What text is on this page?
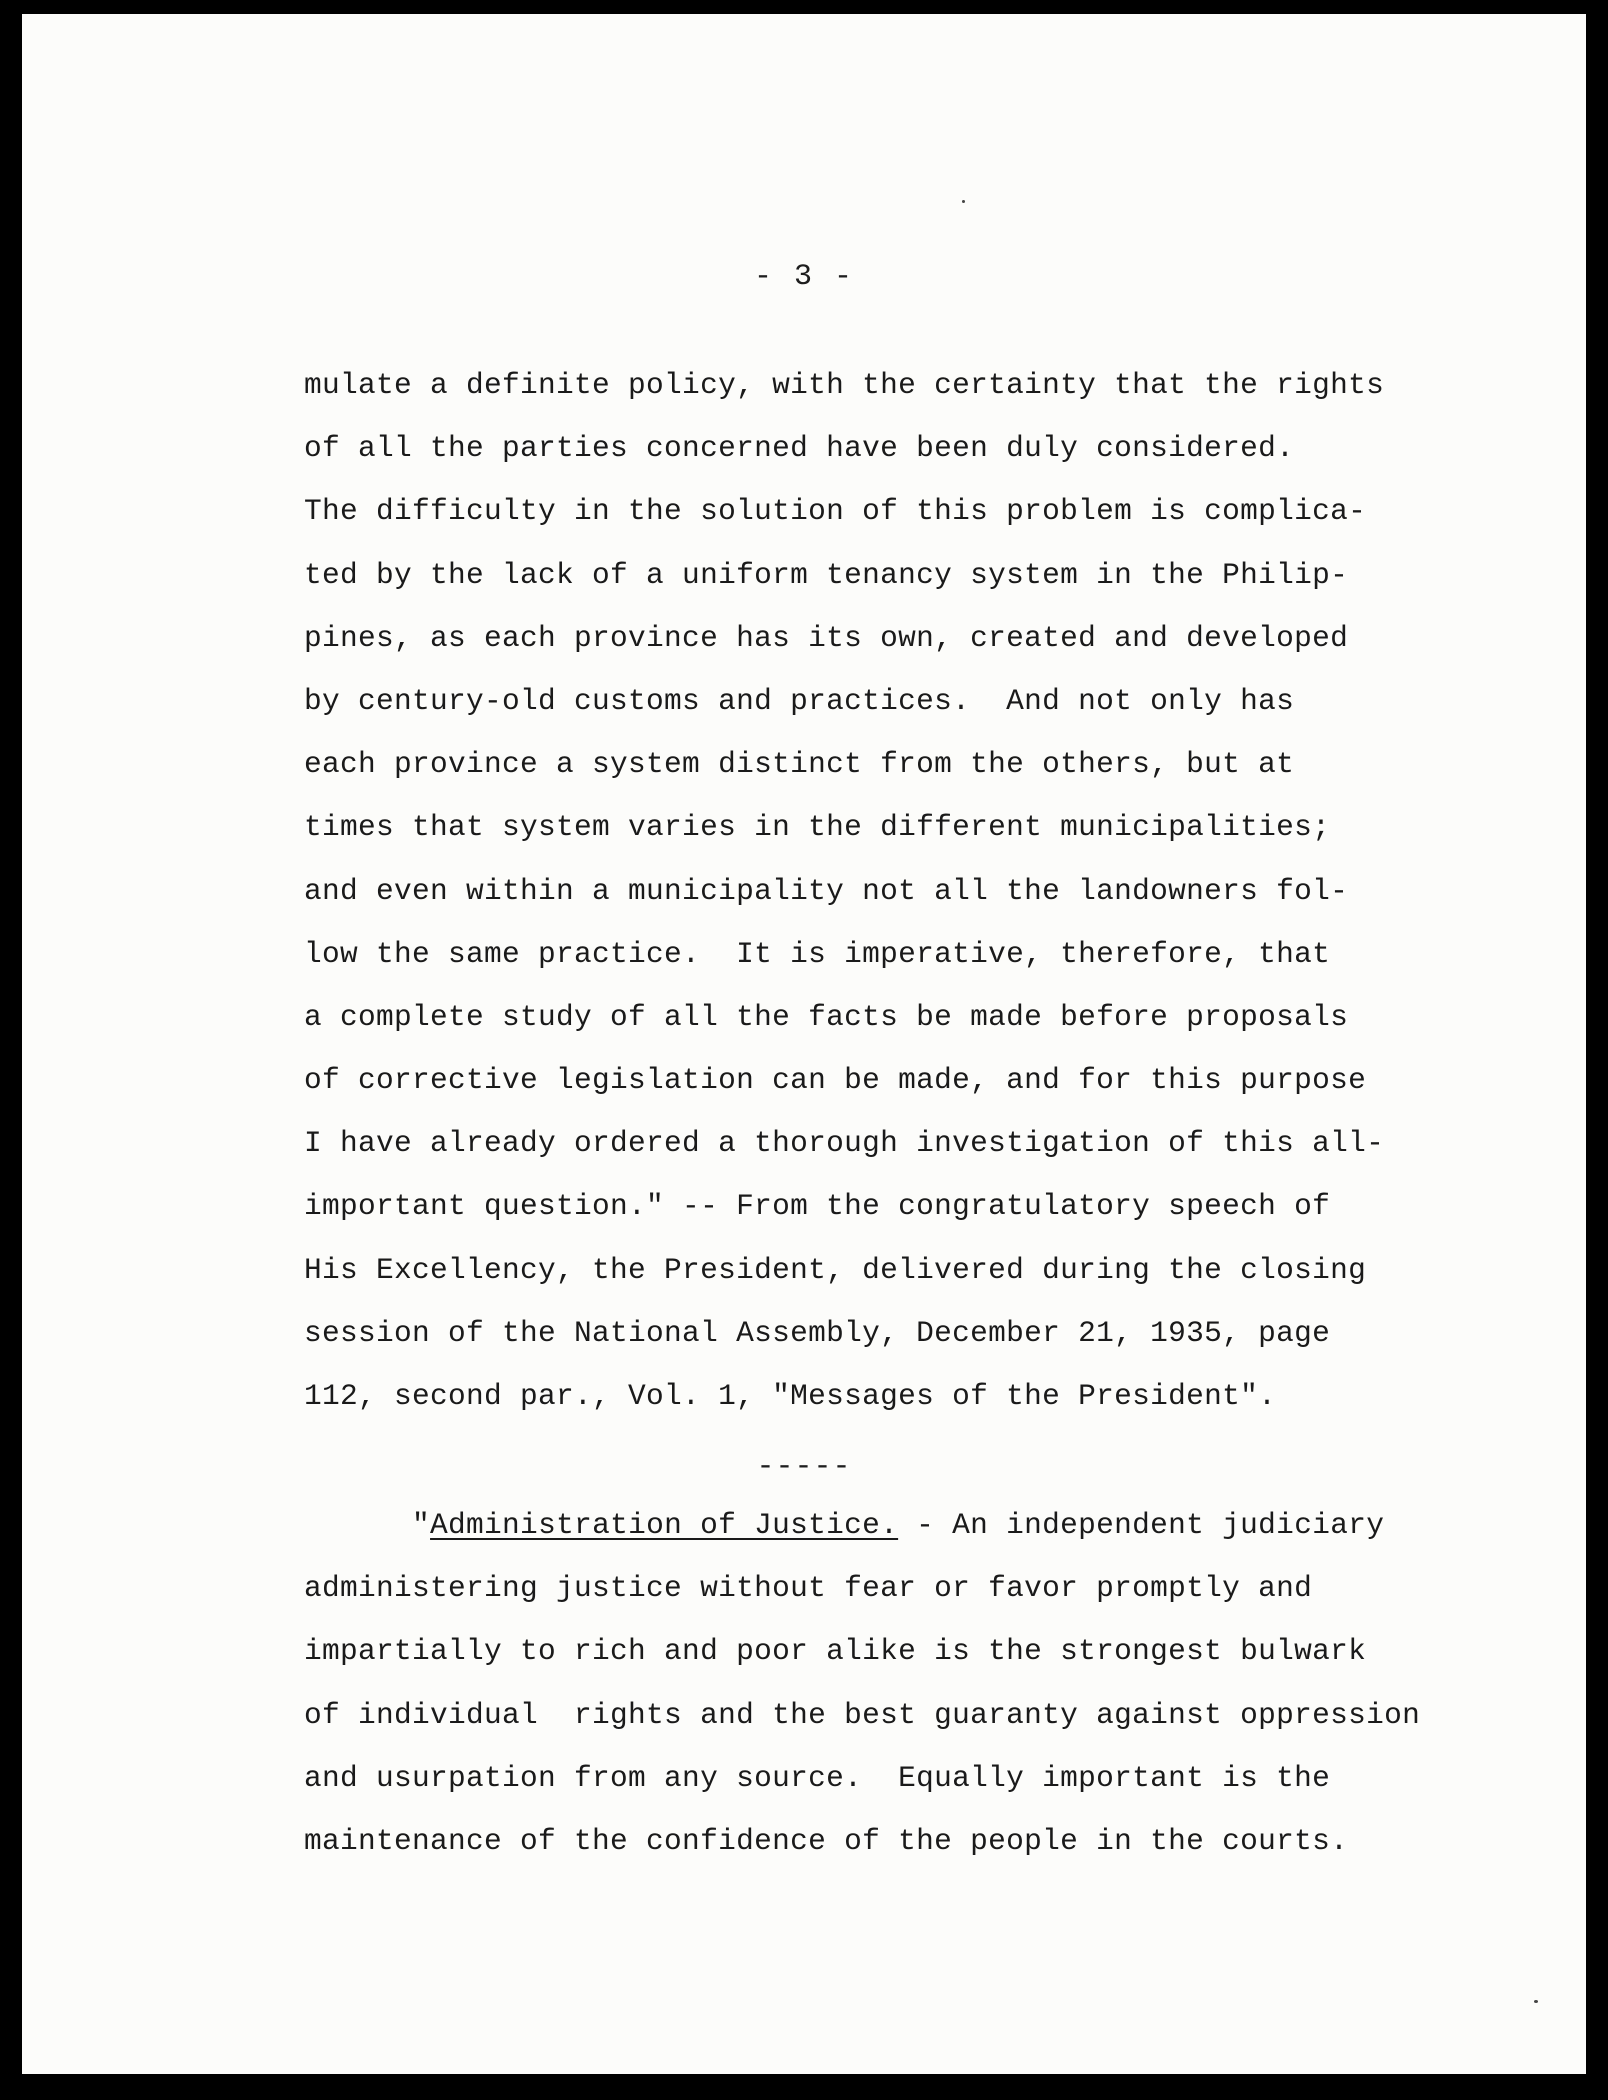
- 3 -
mulate a definite policy, with the certainty that the rights
of all the parties concerned have been duly considered.
The difficulty in the solution of this problem is complica-
ted by the lack of a uniform tenancy system in the Philip-
pines, as each province has its own, created and developed
by century-old customs and practices.  And not only has
each province a system distinct from the others, but at
times that system varies in the different municipalities;
and even within a municipality not all the landowners fol-
low the same practice.  It is imperative, therefore, that
a complete study of all the facts be made before proposals
of corrective legislation can be made, and for this purpose
I have already ordered a thorough investigation of this all-
important question." -- From the congratulatory speech of
His Excellency, the President, delivered during the closing
session of the National Assembly, December 21, 1935, page
112, second par., Vol. 1, "Messages of the President".
-----
"Administration of Justice. - An independent judiciary
administering justice without fear or favor promptly and
impartially to rich and poor alike is the strongest bulwark
of individual  rights and the best guaranty against oppression
and usurpation from any source.  Equally important is the
maintenance of the confidence of the people in the courts.
